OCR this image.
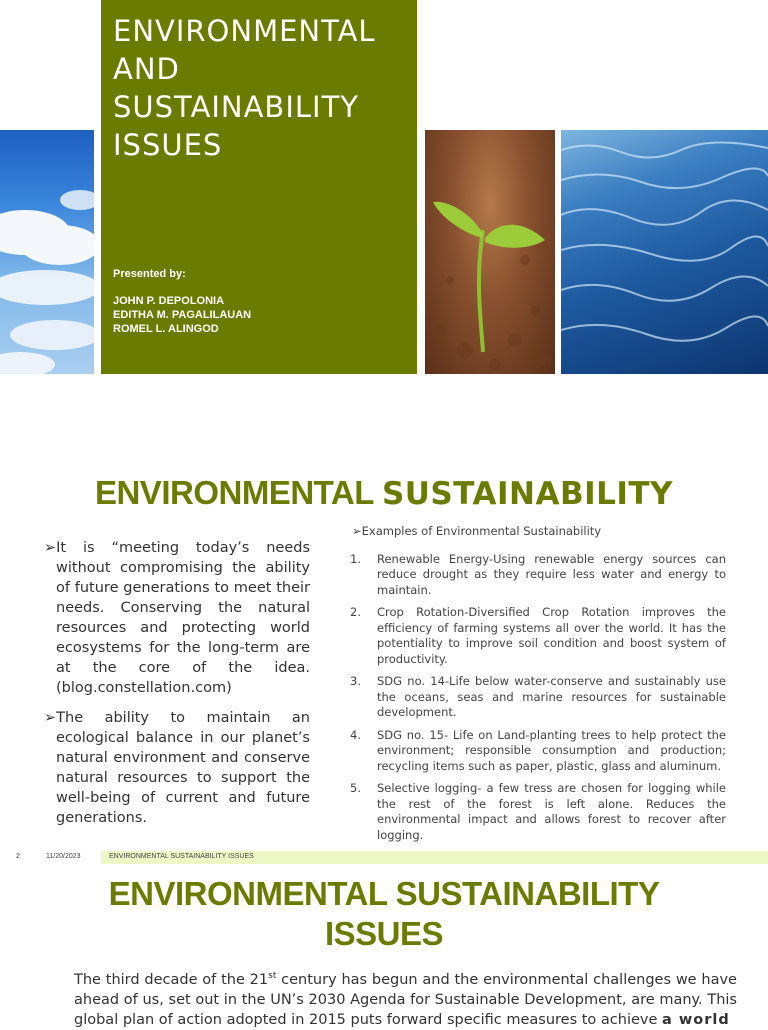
ENVIRONMENTAL AND SUSTAINABILITY ISSUES
Presented by:
JOHN P. DEPOLONIA
EDITHA M. PAGALILAUAN
ROMEL L. ALINGOD
ENVIRONMENTAL SUSTAINABILITY
➢It is “meeting today’s needs without compromising the ability of future generations to meet their needs. Conserving the natural resources and protecting world ecosystems for the long-term are at the core of the idea. (blog.constellation.com)
➢The ability to maintain an ecological balance in our planet’s natural environment and conserve natural resources to support the well-being of current and future generations.
➢Examples of Environmental Sustainability
1. Renewable Energy-Using renewable energy sources can reduce drought as they require less water and energy to maintain.
2. Crop Rotation-Diversified Crop Rotation improves the efficiency of farming systems all over the world. It has the potentiality to improve soil condition and boost system of productivity.
3. SDG no. 14-Life below water-conserve and sustainably use the oceans, seas and marine resources for sustainable development.
4. SDG no. 15- Life on Land-planting trees to help protect the environment; responsible consumption and production; recycling items such as paper, plastic, glass and aluminum.
5. Selective logging- a few tress are chosen for logging while the rest of the forest is left alone. Reduces the environmental impact and allows forest to recover after logging.
2	11/20/2023	ENVIRONMENTAL SUSTAINABILITY ISSUES
ENVIRONMENTAL SUSTAINABILITY
ISSUES
The third decade of the 21st century has begun and the environmental challenges we have ahead of us, set out in the UN’s 2030 Agenda for Sustainable Development, are many. This global plan of action adopted in 2015 puts forward specific measures to achieve a world
